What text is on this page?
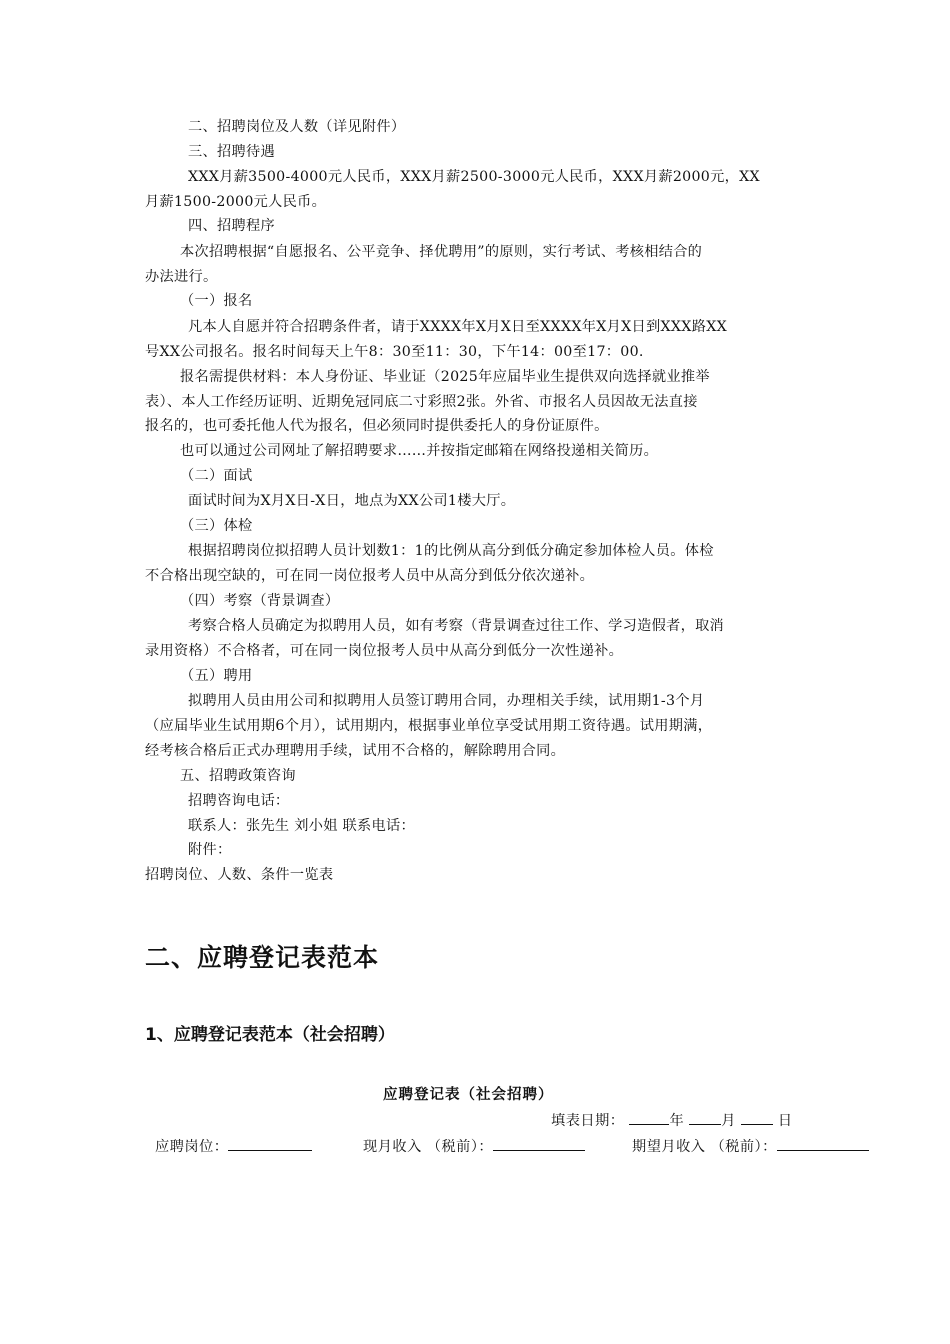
二、招聘岗位及人数（详见附件）
三、招聘待遇
XXX月薪3500-4000元人民币，XXX月薪2500-3000元人民币，XXX月薪2000元，XX
月薪1500-2000元人民币。
四、招聘程序
本次招聘根据“自愿报名、公平竞争、择优聘用”的原则，实行考试、考核相结合的
办法进行。
（一）报名
凡本人自愿并符合招聘条件者，请于XXXX年X月X日至XXXX年X月X日到XXX路XX
号XX公司报名。报名时间每天上午8：30至11：30，下午14：00至17：00.
报名需提供材料：本人身份证、毕业证（2025年应届毕业生提供双向选择就业推举
表）、本人工作经历证明、近期免冠同底二寸彩照2张。外省、市报名人员因故无法直接
报名的，也可委托他人代为报名，但必须同时提供委托人的身份证原件。
也可以通过公司网址了解招聘要求……并按指定邮箱在网络投递相关简历。
（二）面试
面试时间为X月X日-X日，地点为XX公司1楼大厅。
（三）体检
根据招聘岗位拟招聘人员计划数1：1的比例从高分到低分确定参加体检人员。体检
不合格出现空缺的，可在同一岗位报考人员中从高分到低分依次递补。
（四）考察（背景调查）
考察合格人员确定为拟聘用人员，如有考察（背景调查过往工作、学习造假者，取消
录用资格）不合格者，可在同一岗位报考人员中从高分到低分一次性递补。
（五）聘用
拟聘用人员由用公司和拟聘用人员签订聘用合同，办理相关手续，试用期1-3个月
（应届毕业生试用期6个月），试用期内，根据事业单位享受试用期工资待遇。试用期满，
经考核合格后正式办理聘用手续，试用不合格的，解除聘用合同。
五、招聘政策咨询
招聘咨询电话：
联系人：张先生 刘小姐 联系电话：
附件：
招聘岗位、人数、条件一览表
二、应聘登记表范本
1、应聘登记表范本（社会招聘）
应聘登记表（社会招聘）
填表日期：	年	月	日
应聘岗位：	现月收入 （税前）：	期望月收入 （税前）：
